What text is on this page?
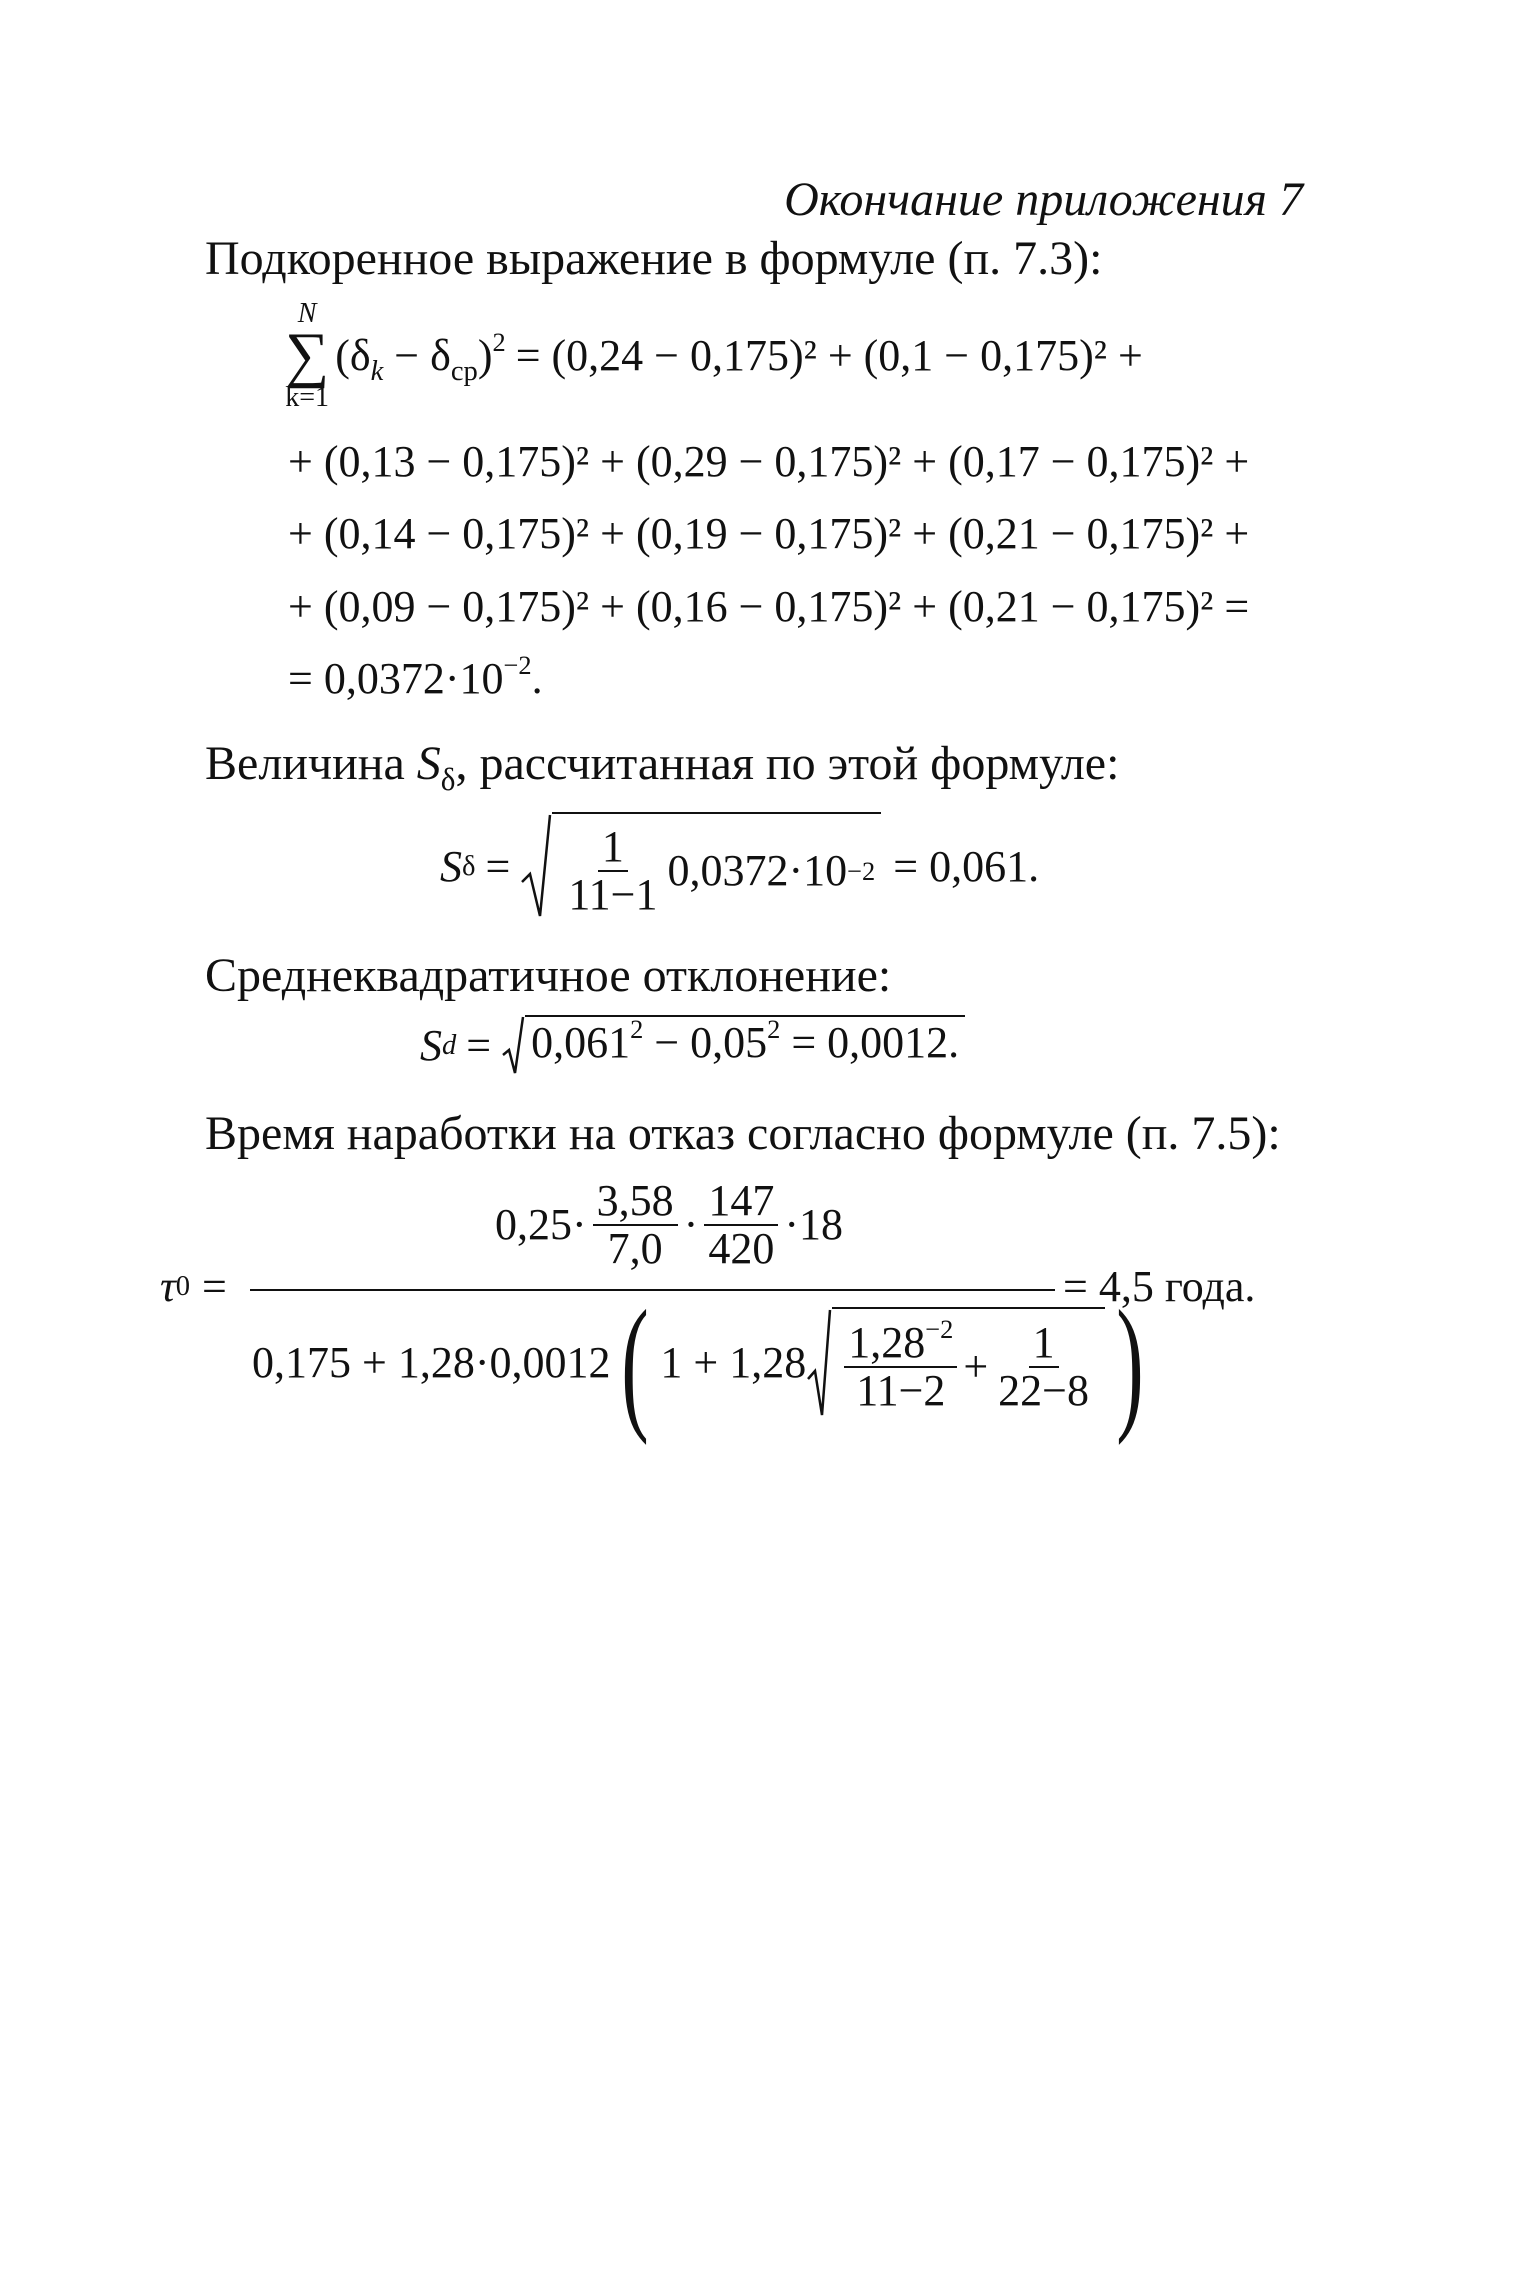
Окончание приложения 7
Подкоренное выражение в формуле (п. 7.3):
N
∑
k=1
$(\delta_k - \delta_{cp})^2 = (0,24 - 0,175)^2 + (0,1 - 0,175)^2$ +
+ (0,13 − 0,175)² + (0,29 − 0,175)² + (0,17 − 0,175)² +
+ (0,14 − 0,175)² + (0,19 − 0,175)² + (0,21 − 0,175)² +
+ (0,09 − 0,175)² + (0,16 − 0,175)² + (0,21 − 0,175)² =
= $0,0372\cdot 10^{-2}$.
Величина $S_\delta$, рассчитанная по этой формуле:
S $\delta = \frac{1}{11-1} 0,0372\cdot 10 -2 = 0,061$.
Среднеквадратичное отклонение:
S $d = 0,061^2 - 0,05^2 = 0,0012$.
Время наработки на отказ согласно формуле (п. 7.5):
τ 0 =
$0,25\cdot \frac{3,58}{7,0} \cdot \frac{147}{420} \cdot 18$
0,175 + 1,28·0,0012 ( $1 + 1,28 \frac{1,28^{-2}}{11-2} + \frac{1}{22-8}$ )
= 4,5 года.
